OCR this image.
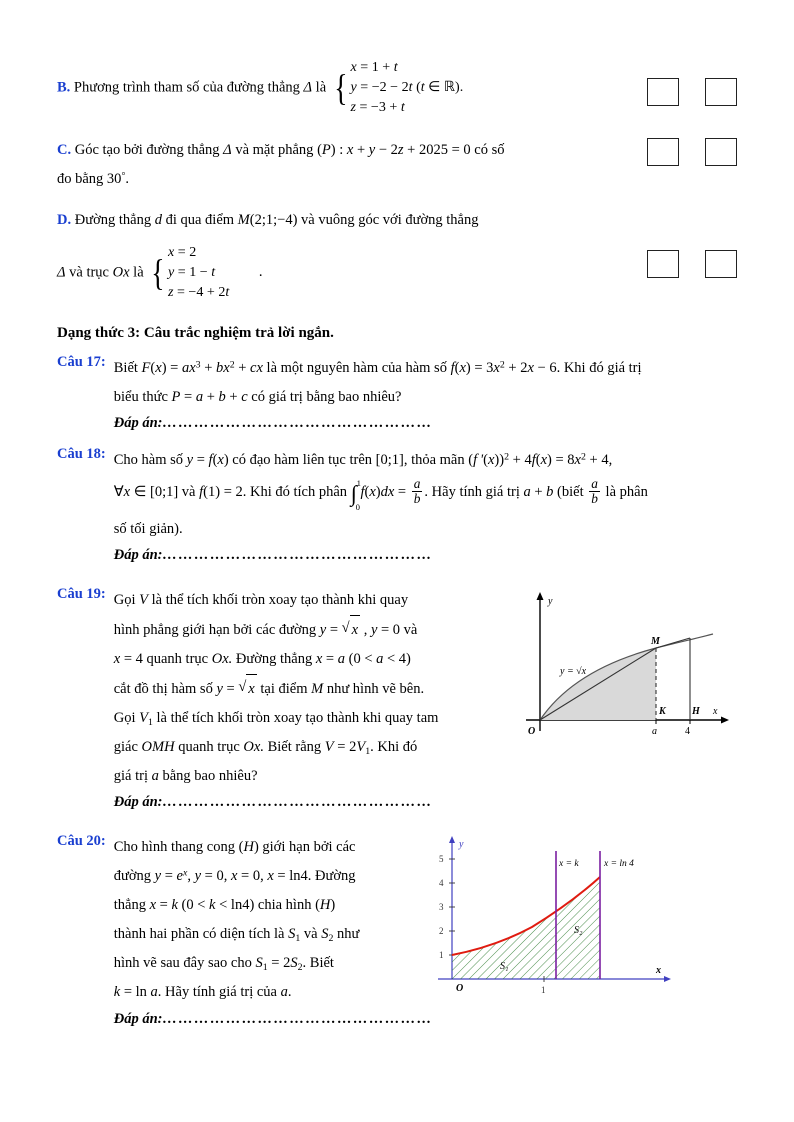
B. Phương trình tham số của đường thẳng Δ là {
x = 1 + t
y = −2 − 2t (t ∈ ℝ).
z = −3 + t
C. Góc tạo bởi đường thẳng Δ và mặt phẳng (P) : x + y − 2z + 2025 = 0 có số
đo bằng 30°.
D. Đường thẳng d đi qua điểm M(2;1;−4) và vuông góc với đường thẳng
Δ và trục Ox là {
x = 2
y = 1 − t
z = −4 + 2t
.
Dạng thức 3: Câu trắc nghiệm trả lời ngắn.
Câu 17: Biết $F(x) = ax^3 + bx^2$ + cx là một nguyên hàm của hàm số $f(x) = 3x^2 + 2x - 6$. Khi đó giá trị
biểu thức P = a + b + c có giá trị bằng bao nhiêu?
Đáp án:……………………………………………
Câu 18: Cho hàm số y = f(x) có đạo hàm liên tục trên [0;1], thỏa mãn (f '$(x))^2 + 4f(x) = 8x^2 + 4$,
∀x ∈ [0;1] và f(1) = 2. Khi đó tích phân ∫ 1
0
$f(x)dx = \frac{a}{b}$ . Hãy tính giá trị a + b (biết $\frac{a}{b}$ là phân
số tối giản).
Đáp án:……………………………………………
Câu 19: Gọi V là thể tích khối tròn xoay tạo thành khi quay
hình phẳng giới hạn bởi các đường y = √ x , y = 0 và
x = 4 quanh trục Ox. Đường thẳng x = a (0 < a < 4)
cắt đồ thị hàm số y = √ x tại điểm M như hình vẽ bên.
Gọi $V_1$ là thể tích khối tròn xoay tạo thành khi quay tam
giác OMH quanh trục Ox. Biết rằng $V = 2V_1$. Khi đó
giá trị a bằng bao nhiêu?
y
x
O	a	4
M
K	H
y = √x
Đáp án:……………………………………………
Câu 20: Cho hình thang cong (H) giới hạn bởi các
đường $y = e^x$, y = 0, x = 0, x = ln4. Đường
thẳng x = k (0 < k < ln4) chia hình (H)
thành hai phần có diện tích là $S_1$ và $S_2$ như
hình vẽ sau đây sao cho $S_1 = 2S_2$. Biết
k = ln a. Hãy tính giá trị của a.
y
x
O
1
2
3
4
5
1
x = k	x = ln 4
S₁
S₂
Đáp án:……………………………………………
